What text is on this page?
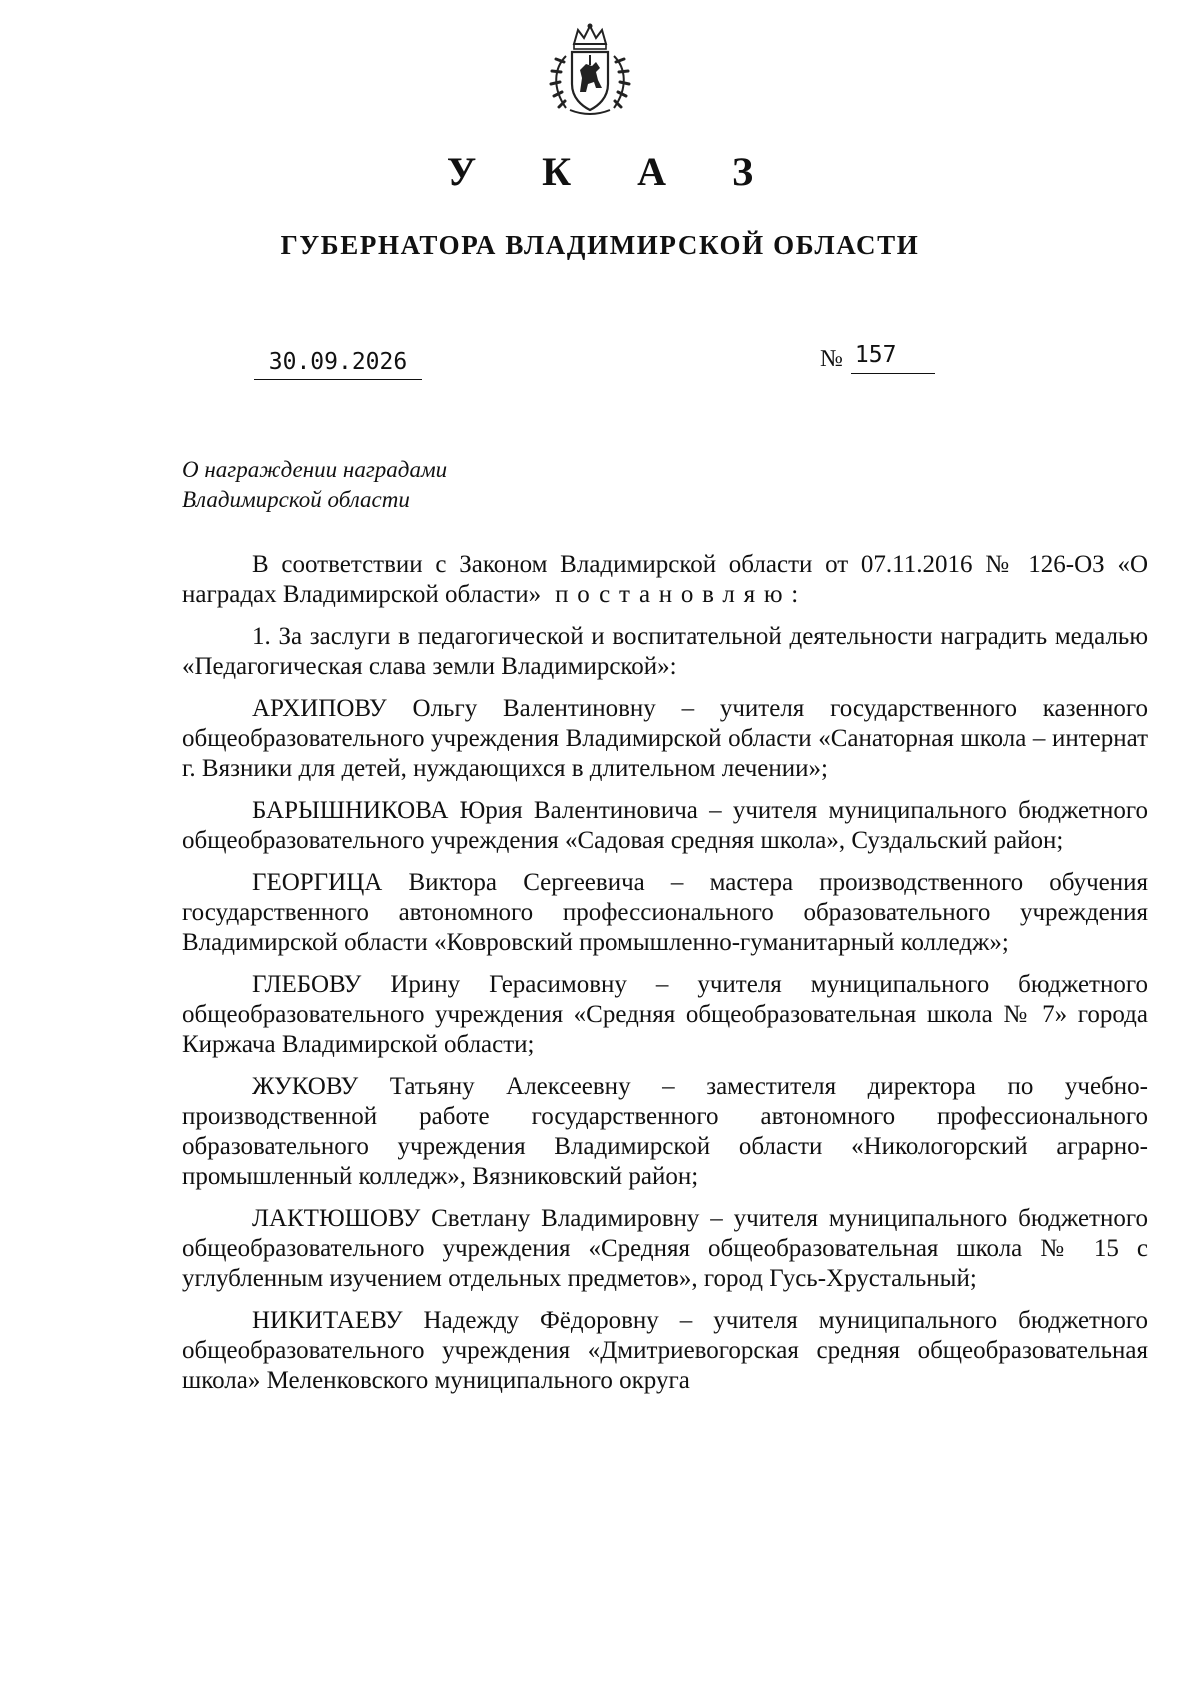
У К А З
ГУБЕРНАТОРА ВЛАДИМИРСКОЙ ОБЛАСТИ
30.09.2026	№ 157
О награждении наградами
Владимирской области

В соответствии с Законом Владимирской области от 07.11.2016 № 126-ОЗ «О наградах Владимирской области» постановляю:

1. За заслуги в педагогической и воспитательной деятельности наградить медалью «Педагогическая слава земли Владимирской»:

АРХИПОВУ Ольгу Валентиновну – учителя государственного казенного общеобразовательного учреждения Владимирской области «Санаторная школа – интернат г. Вязники для детей, нуждающихся в длительном лечении»;

БАРЫШНИКОВА Юрия Валентиновича – учителя муниципального бюджетного общеобразовательного учреждения «Садовая средняя школа», Суздальский район;

ГЕОРГИЦА Виктора Сергеевича – мастера производственного обучения государственного автономного профессионального образовательного учреждения Владимирской области «Ковровский промышленно-гуманитарный колледж»;

ГЛЕБОВУ Ирину Герасимовну – учителя муниципального бюджетного общеобразовательного учреждения «Средняя общеобразовательная школа № 7» города Киржача Владимирской области;

ЖУКОВУ Татьяну Алексеевну – заместителя директора по учебно-производственной работе государственного автономного профессионального образовательного учреждения Владимирской области «Никологорский аграрно-промышленный колледж», Вязниковский район;

ЛАКТЮШОВУ Светлану Владимировну – учителя муниципального бюджетного общеобразовательного учреждения «Средняя общеобразовательная школа № 15 с углубленным изучением отдельных предметов», город Гусь-Хрустальный;

НИКИТАЕВУ Надежду Фёдоровну – учителя муниципального бюджетного общеобразовательного учреждения «Дмитриевогорская средняя общеобразовательная школа» Меленковского муниципального округа
